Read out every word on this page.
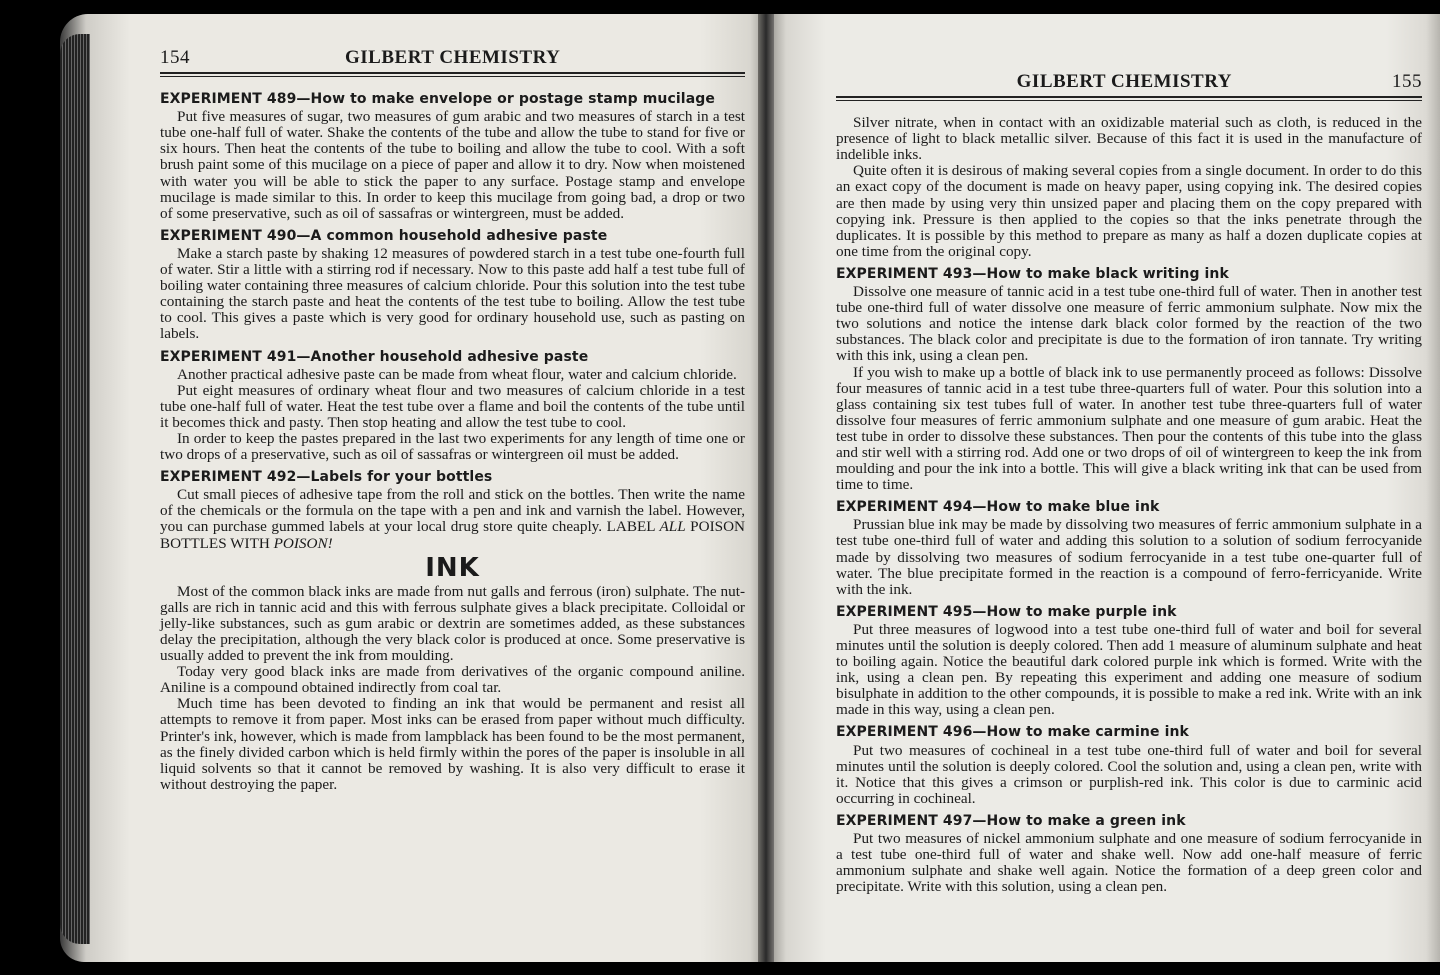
154	GILBERT CHEMISTRY
EXPERIMENT 489—How to make envelope or postage stamp mucilage

Put five measures of sugar, two measures of gum arabic and two measures of starch in a test tube one-half full of water. Shake the contents of the tube and allow the tube to stand for five or six hours. Then heat the contents of the tube to boiling and allow the tube to cool. With a soft brush paint some of this mucilage on a piece of paper and allow it to dry. Now when moistened with water you will be able to stick the paper to any surface. Postage stamp and envelope mucilage is made similar to this. In order to keep this mucilage from going bad, a drop or two of some preservative, such as oil of sassafras or wintergreen, must be added.

EXPERIMENT 490—A common household adhesive paste

Make a starch paste by shaking 12 measures of powdered starch in a test tube one-fourth full of water. Stir a little with a stirring rod if necessary. Now to this paste add half a test tube full of boiling water containing three measures of calcium chloride. Pour this solution into the test tube containing the starch paste and heat the contents of the test tube to boiling. Allow the test tube to cool. This gives a paste which is very good for ordinary household use, such as pasting on labels.

EXPERIMENT 491—Another household adhesive paste

Another practical adhesive paste can be made from wheat flour, water and calcium chloride.

Put eight measures of ordinary wheat flour and two measures of calcium chloride in a test tube one-half full of water. Heat the test tube over a flame and boil the contents of the tube until it becomes thick and pasty. Then stop heating and allow the test tube to cool.

In order to keep the pastes prepared in the last two experiments for any length of time one or two drops of a preservative, such as oil of sassafras or wintergreen oil must be added.

EXPERIMENT 492—Labels for your bottles

Cut small pieces of adhesive tape from the roll and stick on the bottles. Then write the name of the chemicals or the formula on the tape with a pen and ink and varnish the label. However, you can purchase gummed labels at your local drug store quite cheaply. LABEL ALL POISON BOTTLES WITH POISON!

INK

Most of the common black inks are made from nut galls and ferrous (iron) sulphate. The nut-galls are rich in tannic acid and this with ferrous sulphate gives a black precipitate. Colloidal or jelly-like substances, such as gum arabic or dextrin are sometimes added, as these substances delay the precipitation, although the very black color is produced at once. Some preservative is usually added to prevent the ink from moulding.

Today very good black inks are made from derivatives of the organic compound aniline. Aniline is a compound obtained indirectly from coal tar.

Much time has been devoted to finding an ink that would be permanent and resist all attempts to remove it from paper. Most inks can be erased from paper without much difficulty. Printer's ink, however, which is made from lampblack has been found to be the most permanent, as the finely divided carbon which is held firmly within the pores of the paper is insoluble in all liquid solvents so that it cannot be removed by washing. It is also very difficult to erase it without destroying the paper.

GILBERT CHEMISTRY	155

Silver nitrate, when in contact with an oxidizable material such as cloth, is reduced in the presence of light to black metallic silver. Because of this fact it is used in the manufacture of indelible inks.

Quite often it is desirous of making several copies from a single document. In order to do this an exact copy of the document is made on heavy paper, using copying ink. The desired copies are then made by using very thin unsized paper and placing them on the copy prepared with copying ink. Pressure is then applied to the copies so that the inks penetrate through the duplicates. It is possible by this method to prepare as many as half a dozen duplicate copies at one time from the original copy.

EXPERIMENT 493—How to make black writing ink

Dissolve one measure of tannic acid in a test tube one-third full of water. Then in another test tube one-third full of water dissolve one measure of ferric ammonium sulphate. Now mix the two solutions and notice the intense dark black color formed by the reaction of the two substances. The black color and precipitate is due to the formation of iron tannate. Try writing with this ink, using a clean pen.

If you wish to make up a bottle of black ink to use permanently proceed as follows: Dissolve four measures of tannic acid in a test tube three-quarters full of water. Pour this solution into a glass containing six test tubes full of water. In another test tube three-quarters full of water dissolve four measures of ferric ammonium sulphate and one measure of gum arabic. Heat the test tube in order to dissolve these substances. Then pour the contents of this tube into the glass and stir well with a stirring rod. Add one or two drops of oil of wintergreen to keep the ink from moulding and pour the ink into a bottle. This will give a black writing ink that can be used from time to time.

EXPERIMENT 494—How to make blue ink

Prussian blue ink may be made by dissolving two measures of ferric ammonium sulphate in a test tube one-third full of water and adding this solution to a solution of sodium ferrocyanide made by dissolving two measures of sodium ferrocyanide in a test tube one-quarter full of water. The blue precipitate formed in the reaction is a compound of ferro-ferricyanide. Write with the ink.

EXPERIMENT 495—How to make purple ink

Put three measures of logwood into a test tube one-third full of water and boil for several minutes until the solution is deeply colored. Then add 1 measure of aluminum sulphate and heat to boiling again. Notice the beautiful dark colored purple ink which is formed. Write with the ink, using a clean pen. By repeating this experiment and adding one measure of sodium bisulphate in addition to the other compounds, it is possible to make a red ink. Write with an ink made in this way, using a clean pen.

EXPERIMENT 496—How to make carmine ink

Put two measures of cochineal in a test tube one-third full of water and boil for several minutes until the solution is deeply colored. Cool the solution and, using a clean pen, write with it. Notice that this gives a crimson or purplish-red ink. This color is due to carminic acid occurring in cochineal.

EXPERIMENT 497—How to make a green ink

Put two measures of nickel ammonium sulphate and one measure of sodium ferrocyanide in a test tube one-third full of water and shake well. Now add one-half measure of ferric ammonium sulphate and shake well again. Notice the formation of a deep green color and precipitate. Write with this solution, using a clean pen.
